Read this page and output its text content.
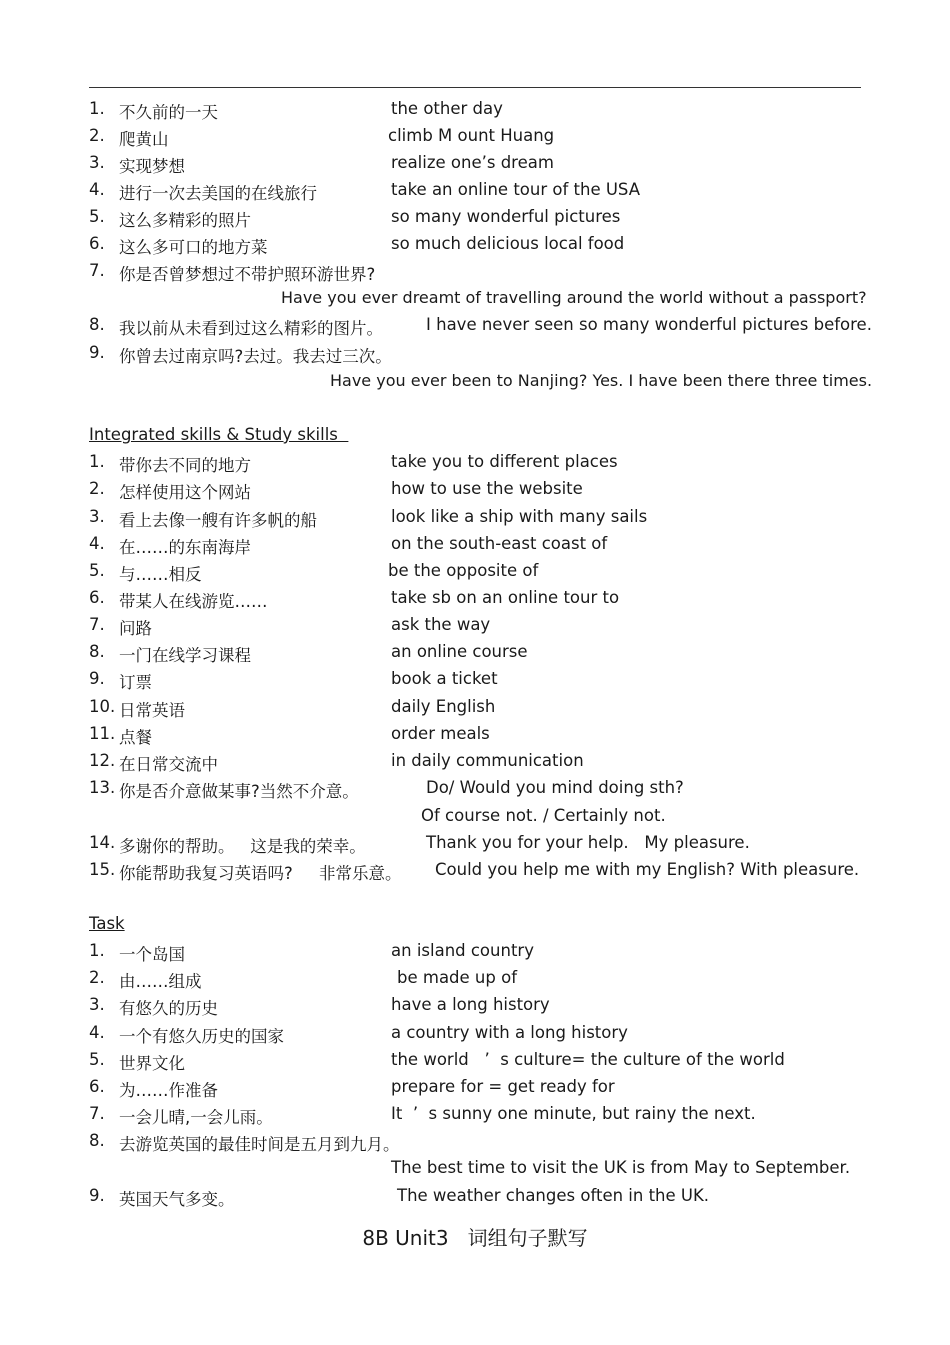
1. 不久前的一天	the other day
2. 爬黄山	climb M ount Huang
3. 实现梦想	realize one’s dream
4. 进行一次去美国的在线旅行	take an online tour of the USA
5. 这么多精彩的照片	so many wonderful pictures
6. 这么多可口的地方菜	so much delicious local food
7. 你是否曾梦想过不带护照环游世界?
Have you ever dreamt of travelling around the world without a passport?
8. 我以前从未看到过这么精彩的图片。	I have never seen so many wonderful pictures before.
9. 你曾去过南京吗?去过。我去过三次。
Have you ever been to Nanjing? Yes. I have been there three times.
Integrated skills & Study skills
1. 带你去不同的地方	take you to different places
2. 怎样使用这个网站	how to use the website
3. 看上去像一艘有许多帆的船	look like a ship with many sails
4. 在……的东南海岸	on the south-east coast of
5. 与……相反	be the opposite of
6. 带某人在线游览……	take sb on an online tour to
7. 问路	ask the way
8. 一门在线学习课程	an online course
9. 订票	book a ticket
10. 日常英语	daily English
11. 点餐	order meals
12. 在日常交流中	in daily communication
13. 你是否介意做某事?当然不介意。	Do/ Would you mind doing sth?
Of course not. / Certainly not.
14. 多谢你的帮助。   这是我的荣幸。	Thank you for your help.   My pleasure.
15. 你能帮助我复习英语吗?     非常乐意。 Could you help me with my English? With pleasure.
Task
1. 一个岛国	an island country
2. 由……组成	be made up of
3. 有悠久的历史	have a long history
4. 一个有悠久历史的国家	a country with a long history
5. 世界文化	the world   ’  s culture= the culture of the world
6. 为……作准备	prepare for = get ready for
7. 一会儿晴,一会儿雨。	It  ’  s sunny one minute, but rainy the next.
8. 去游览英国的最佳时间是五月到九月。
The best time to visit the UK is from May to September.
9. 英国天气多变。	The weather changes often in the UK.
8B Unit3   词组句子默写
